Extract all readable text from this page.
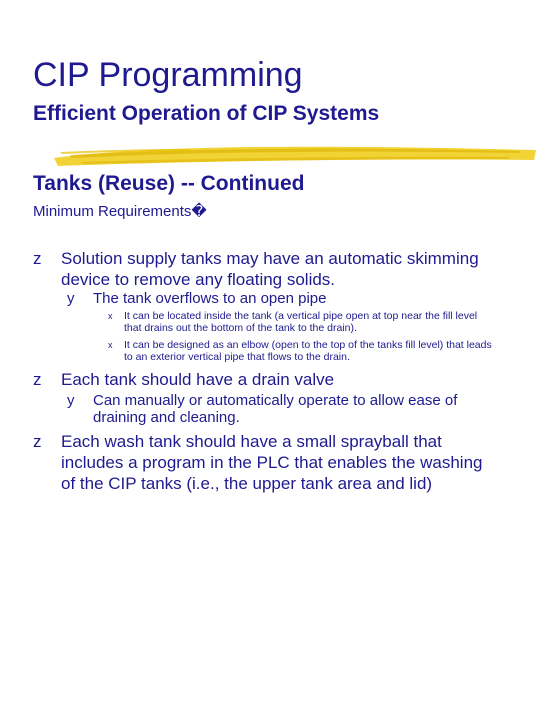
CIP Programming
Efficient Operation of CIP Systems
Tanks (Reuse) -- Continued
Minimum Requirements�
z	Solution supply tanks may have an automatic skimming device to remove any floating solids.
y	The tank overflows to an open pipe
x	It can be located inside the tank (a vertical pipe open at top near the fill level that drains out the bottom of the tank to the drain).
x	It can be designed as an elbow (open to the top of the tanks fill level) that leads to an exterior vertical pipe that flows to the drain.
z	Each tank should have a drain valve
y	Can manually or automatically operate to allow ease of draining and cleaning.
z	Each wash tank should have a small sprayball that includes a program in the PLC that enables the washing of the CIP tanks (i.e., the upper tank area and lid)
